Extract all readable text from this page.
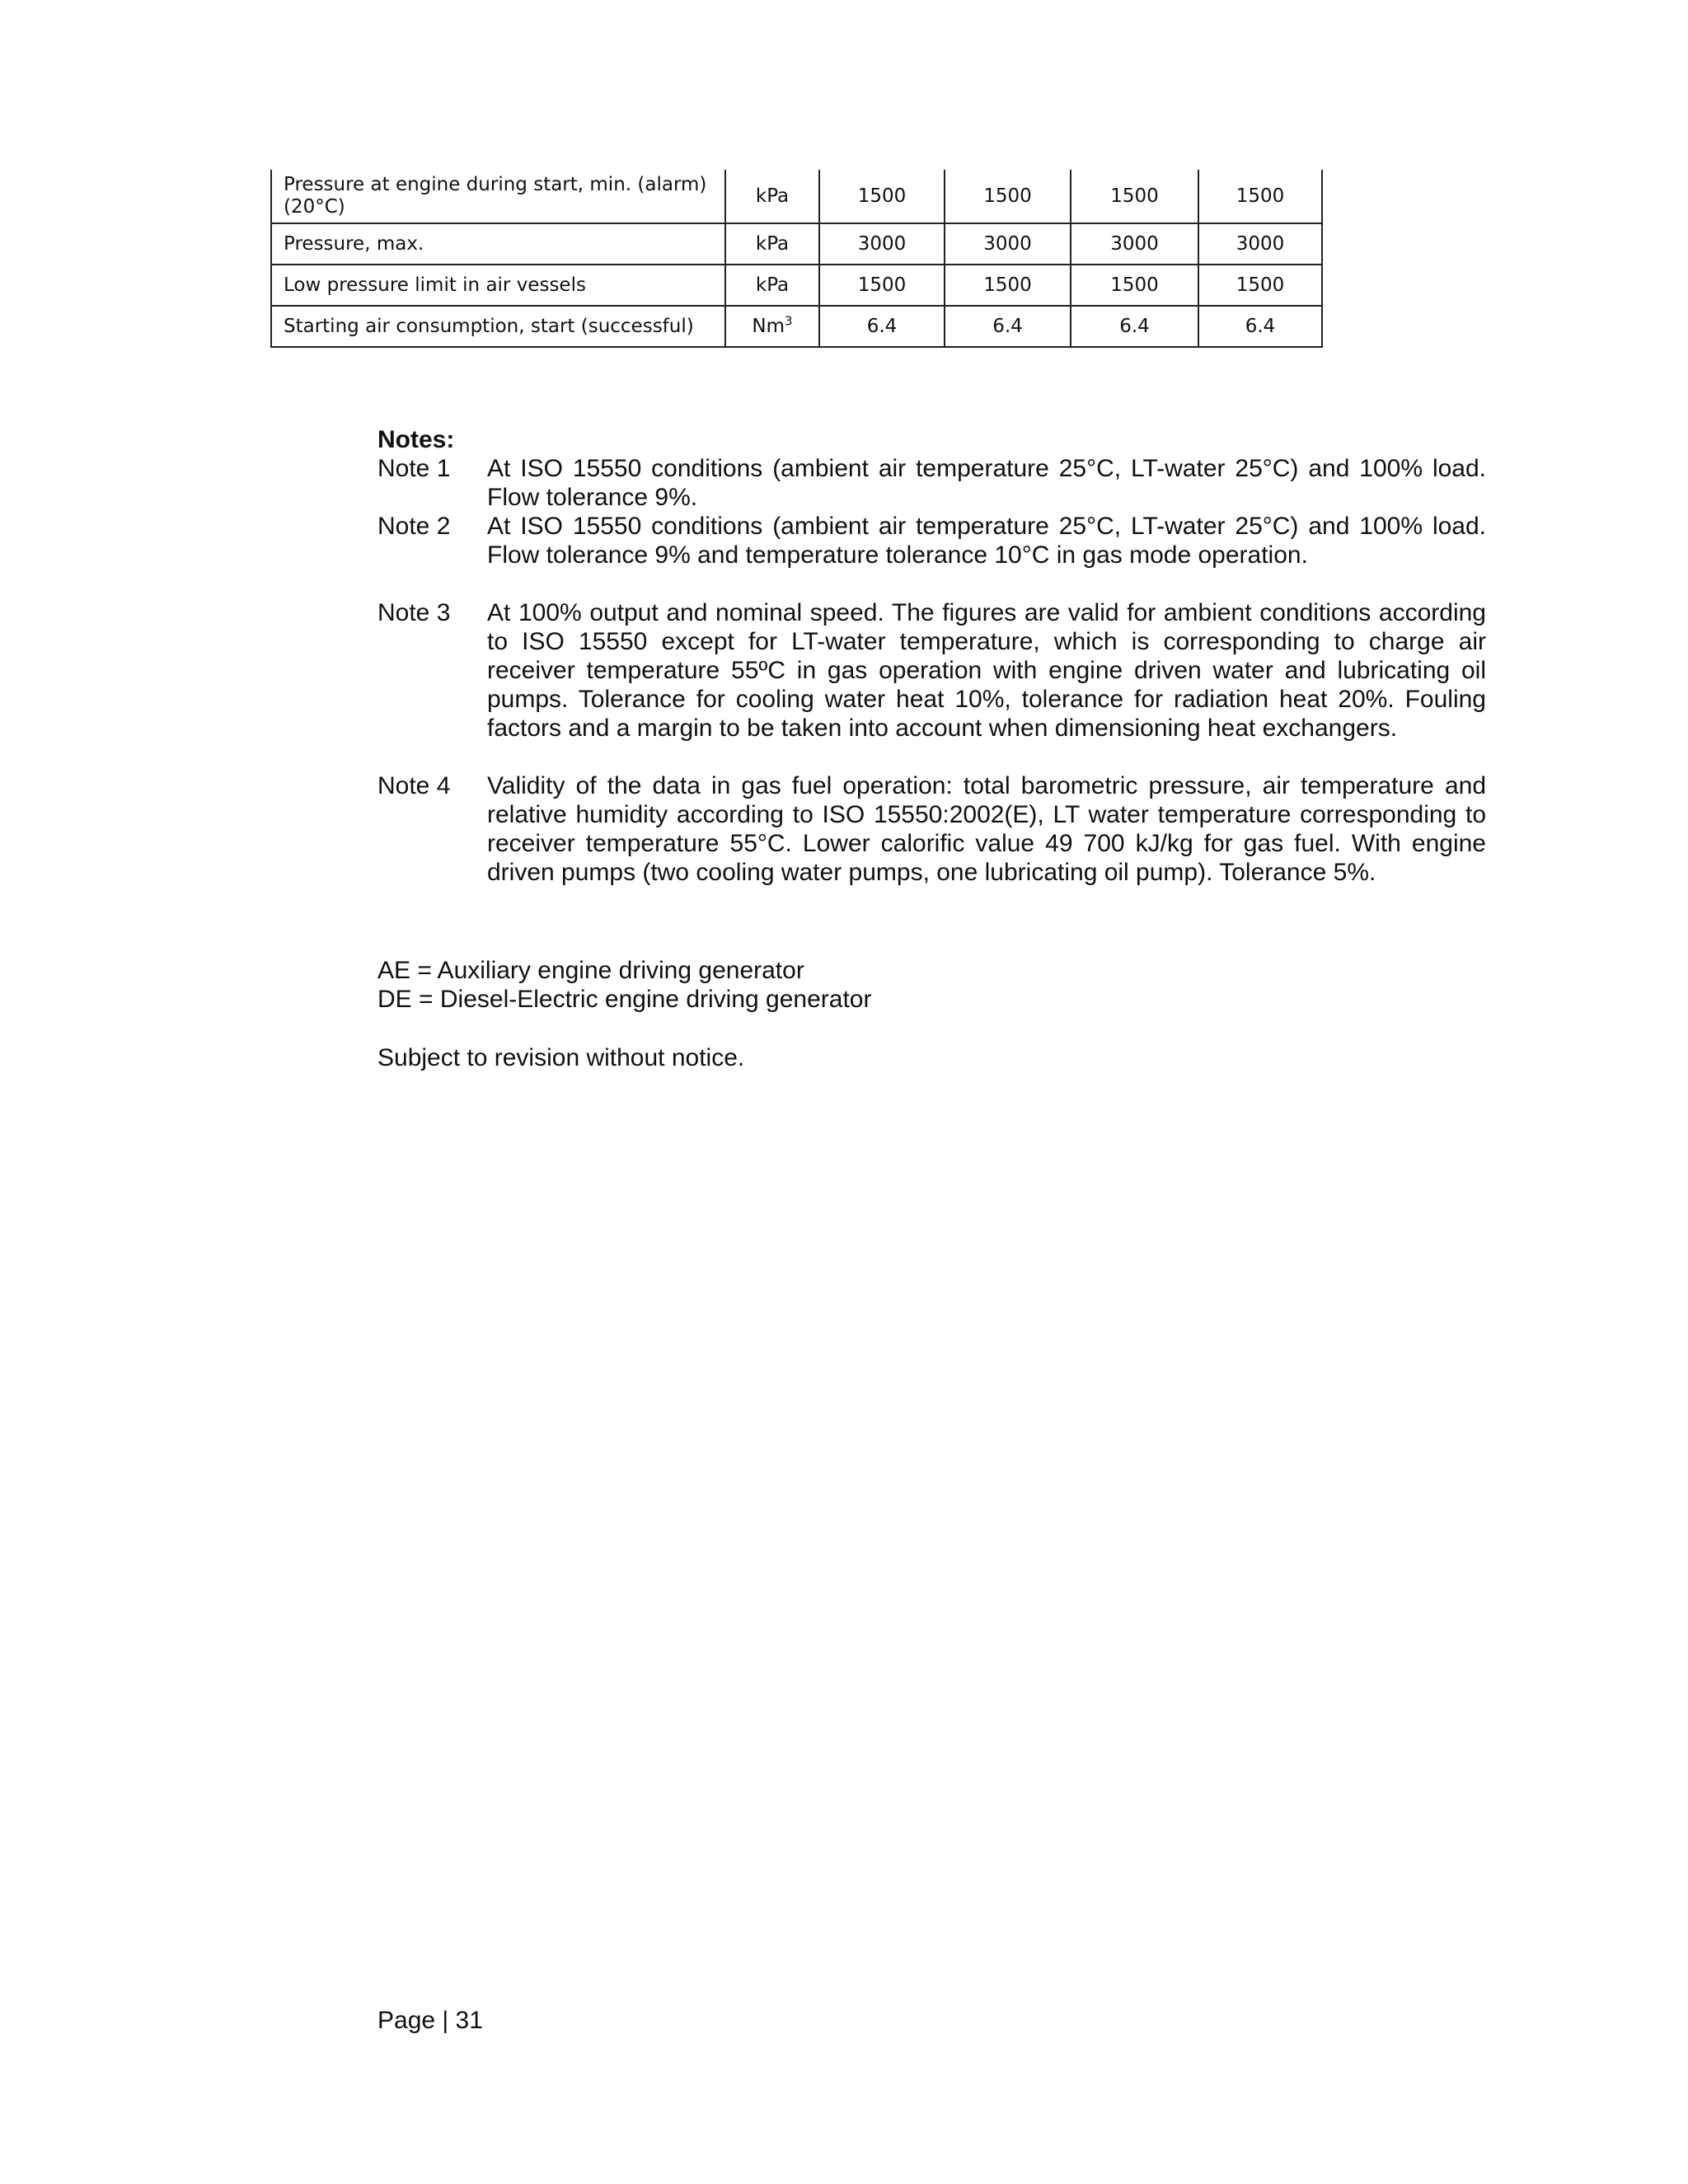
Pressure at engine during start, min. (alarm) (20°C)	kPa	1500	1500	1500	1500
Pressure, max.	kPa	3000	3000	3000	3000
Low pressure limit in air vessels	kPa	1500	1500	1500	1500
Starting air consumption, start (successful)	Nm$^3$	6.4	6.4	6.4	6.4

Notes:

Note 1	At ISO 15550 conditions (ambient air temperature 25°C, LT-water 25°C) and 100% load. Flow tolerance 9%.
Note 2	At ISO 15550 conditions (ambient air temperature 25°C, LT-water 25°C) and 100% load. Flow tolerance 9% and temperature tolerance 10°C in gas mode operation.
Note 3	At 100% output and nominal speed. The figures are valid for ambient conditions according to ISO 15550 except for LT-water temperature, which is corresponding to charge air receiver temperature 55ºC in gas operation with engine driven water and lubricating oil pumps. Tolerance for cooling water heat 10%, tolerance for radiation heat 20%. Fouling factors and a margin to be taken into account when dimensioning heat exchangers.
Note 4	Validity of the data in gas fuel operation: total barometric pressure, air temperature and relative humidity according to ISO 15550:2002(E), LT water temperature corresponding to receiver temperature 55°C. Lower calorific value 49 700 kJ/kg for gas fuel. With engine driven pumps (two cooling water pumps, one lubricating oil pump). Tolerance 5%.

AE = Auxiliary engine driving generator

DE = Diesel-Electric engine driving generator

Subject to revision without notice.

Page | 31
